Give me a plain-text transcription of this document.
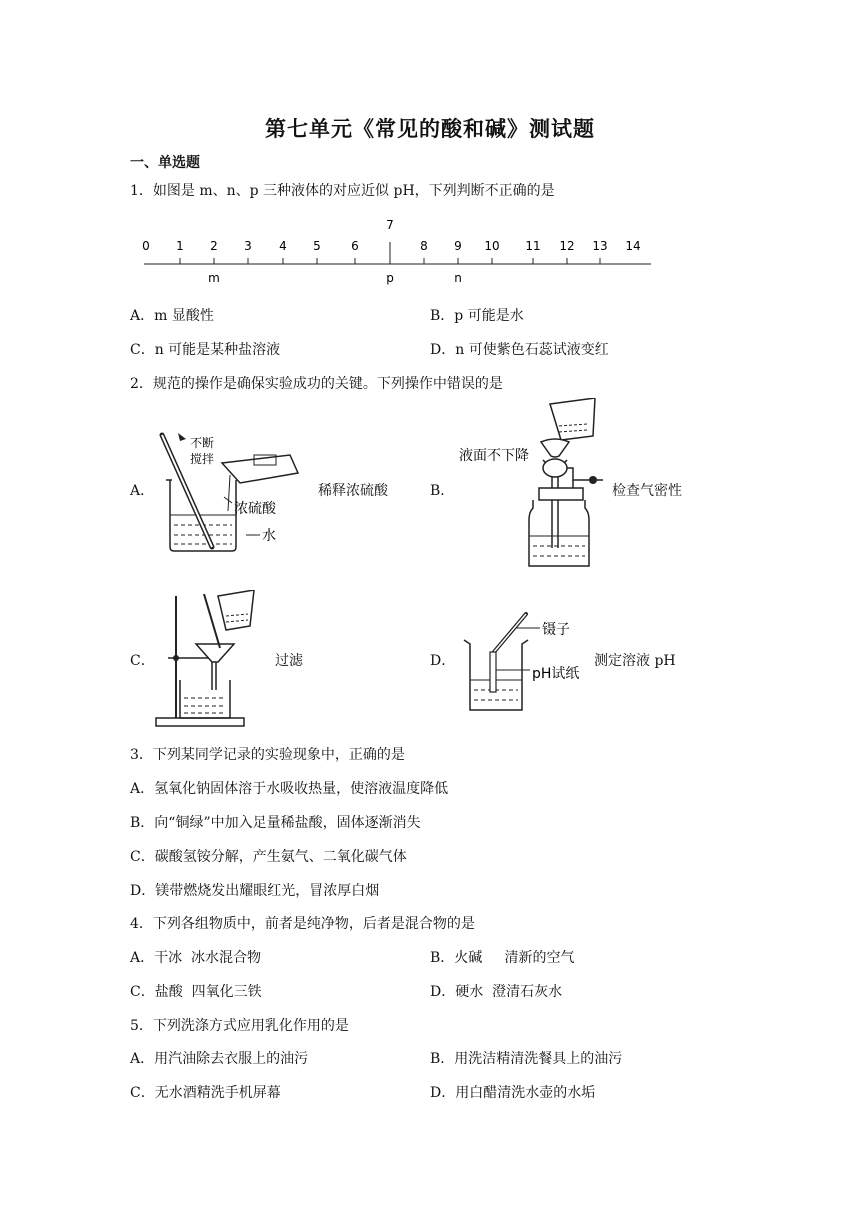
第七单元《常见的酸和碱》测试题
一、单选题
1．如图是 m、n、p 三种液体的对应近似 pH，下列判断不正确的是
0 1 2 3 4 5	6
7
8 9 10 11 12 13 14
m	p	n
A．m 显酸性	B．p 可能是水
C．n 可能是某种盐溶液	D．n 可使紫色石蕊试液变红
2．规范的操作是确保实验成功的关键。下列操作中错误的是
A．
不断
搅拌
浓硫酸
水
稀释浓硫酸	B．
液面不下降
检查气密性
C．	过滤	D．
镊子
pH试纸
测定溶液 pH
3．下列某同学记录的实验现象中，正确的是
A．氢氧化钠固体溶于水吸收热量，使溶液温度降低
B．向“铜绿”中加入足量稀盐酸，固体逐渐消失
C．碳酸氢铵分解，产生氨气、二氧化碳气体
D．镁带燃烧发出耀眼红光，冒浓厚白烟
4．下列各组物质中，前者是纯净物，后者是混合物的是
A．干冰  冰水混合物	B．火碱     清新的空气
C．盐酸  四氧化三铁	D．硬水  澄清石灰水
5．下列洗涤方式应用乳化作用的是
A．用汽油除去衣服上的油污	B．用洗洁精清洗餐具上的油污
C．无水酒精洗手机屏幕	D．用白醋清洗水壶的水垢
